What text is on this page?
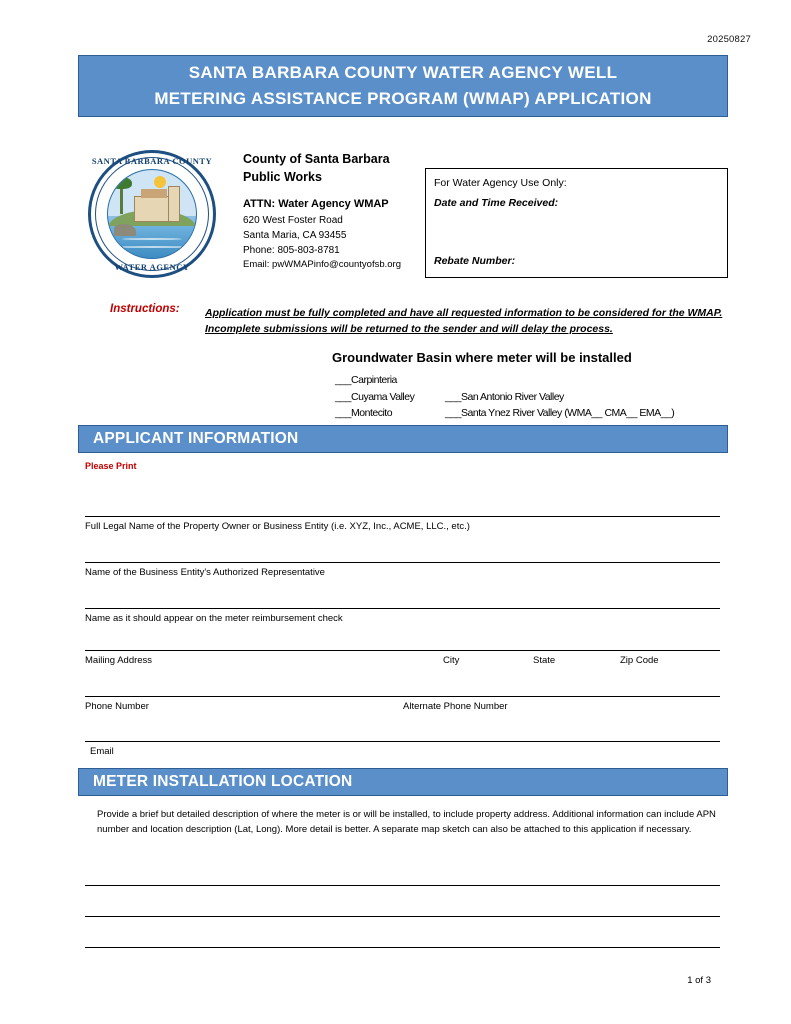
20250827
SANTA BARBARA COUNTY WATER AGENCY WELL
METERING ASSISTANCE PROGRAM (WMAP) APPLICATION
SANTA BARBARA COUNTY
WATER AGENCY
County of Santa Barbara
Public Works
ATTN: Water Agency WMAP
620 West Foster Road
Santa Maria, CA 93455
Phone: 805-803-8781
Email: pwWMAPinfo@countyofsb.org
For Water Agency Use Only:
Date and Time Received:
Rebate Number:
Instructions: Application must be fully completed and have all requested information to be considered for the WMAP. Incomplete submissions will be returned to the sender and will delay the process.
Groundwater Basin where meter will be installed
___Carpinteria
___Cuyama Valley	___San Antonio River Valley
___Montecito	___Santa Ynez River Valley (WMA__ CMA__ EMA__)
APPLICANT INFORMATION
Please Print
Full Legal Name of the Property Owner or Business Entity (i.e. XYZ, Inc., ACME, LLC., etc.)
Name of the Business Entity's Authorized Representative
Name as it should appear on the meter reimbursement check
Mailing Address	City	State	Zip Code
Phone Number	Alternate Phone Number
Email
METER INSTALLATION LOCATION
Provide a brief but detailed description of where the meter is or will be installed, to include property address. Additional information can include APN number and location description (Lat, Long). More detail is better. A separate map sketch can also be attached to this application if necessary.
1 of 3
